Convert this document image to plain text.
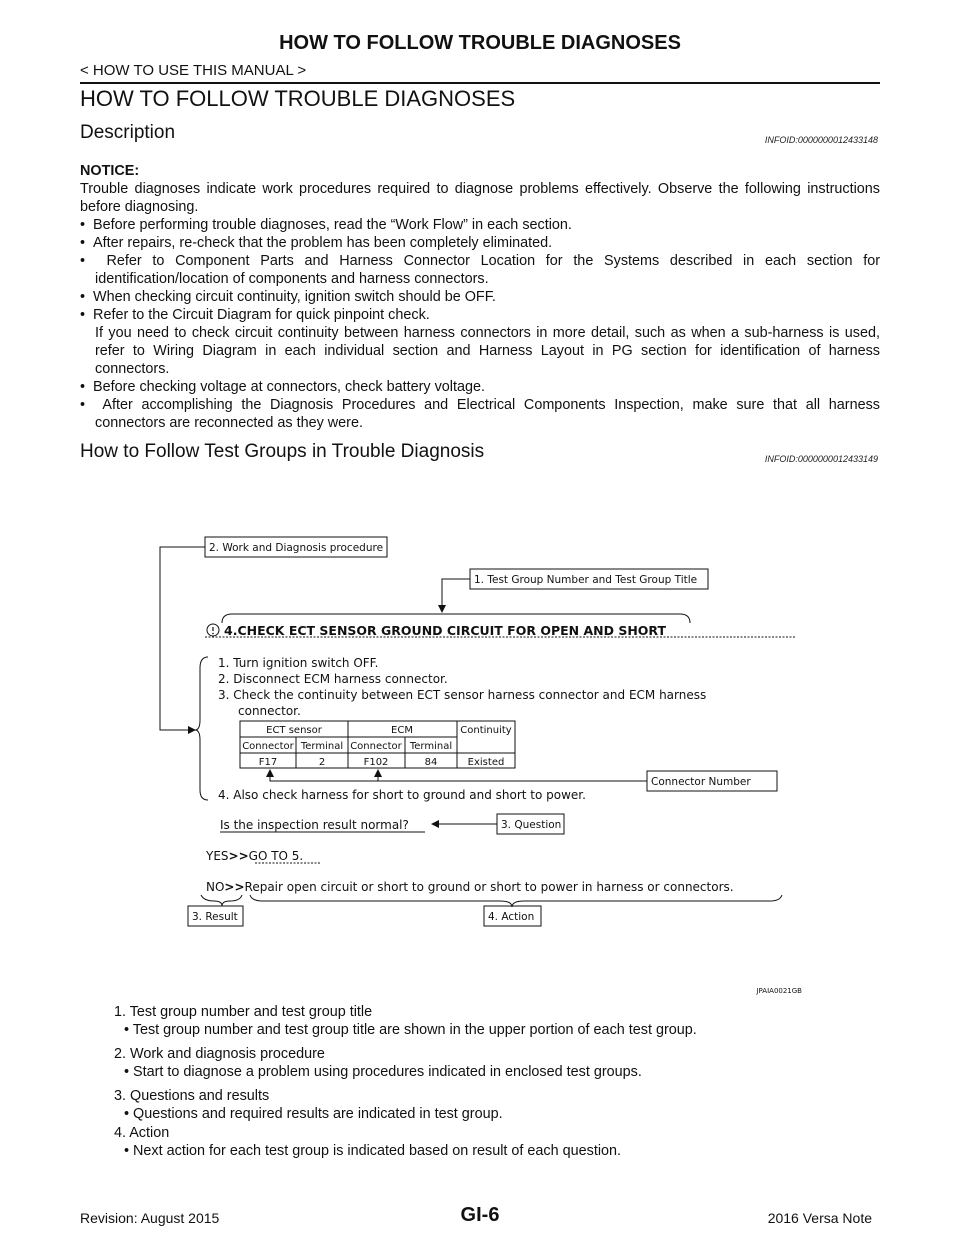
HOW TO FOLLOW TROUBLE DIAGNOSES
< HOW TO USE THIS MANUAL >
HOW TO FOLLOW TROUBLE DIAGNOSES
Description	INFOID:0000000012433148

NOTICE:

Trouble diagnoses indicate work procedures required to diagnose problems effectively. Observe the following instructions before diagnosing.

•  Before performing trouble diagnoses, read the “Work Flow” in each section.

•  After repairs, re-check that the problem has been completely eliminated.

•  Refer to Component Parts and Harness Connector Location for the Systems described in each section for identification/location of components and harness connectors.

•  When checking circuit continuity, ignition switch should be OFF.

•  Refer to the Circuit Diagram for quick pinpoint check.

If you need to check circuit continuity between harness connectors in more detail, such as when a sub-harness is used, refer to Wiring Diagram in each individual section and Harness Layout in PG section for identification of harness connectors.

•  Before checking voltage at connectors, check battery voltage.

•  After accomplishing the Diagnosis Procedures and Electrical Components Inspection, make sure that all harness connectors are reconnected as they were.

How to Follow Test Groups in Trouble Diagnosis	INFOID:0000000012433149
2. Work and Diagnosis procedure
1. Test Group Number and Test Group Title
Connector Number
3. Question
3. Result	4. Action
4.CHECK ECT SENSOR GROUND CIRCUIT FOR OPEN AND SHORT
1. Turn ignition switch OFF.
2. Disconnect ECM harness connector.
3. Check the continuity between ECT sensor harness connector and ECM harness
connector.
4. Also check harness for short to ground and short to power.
ECT sensor	ECM	Continuity
Connector Terminal Connector Terminal
F17	2	F102	84	Existed
Is the inspection result normal?
YES>>GO TO 5.
NO>>Repair open circuit or short to ground or short to power in harness or connectors.
JPAIA0021GB
1. Test group number and test group title
• Test group number and test group title are shown in the upper portion of each test group.
2. Work and diagnosis procedure
• Start to diagnose a problem using procedures indicated in enclosed test groups.
3. Questions and results
• Questions and required results are indicated in test group.
4. Action
• Next action for each test group is indicated based on result of each question.
Revision: August 2015	GI-6	2016 Versa Note
